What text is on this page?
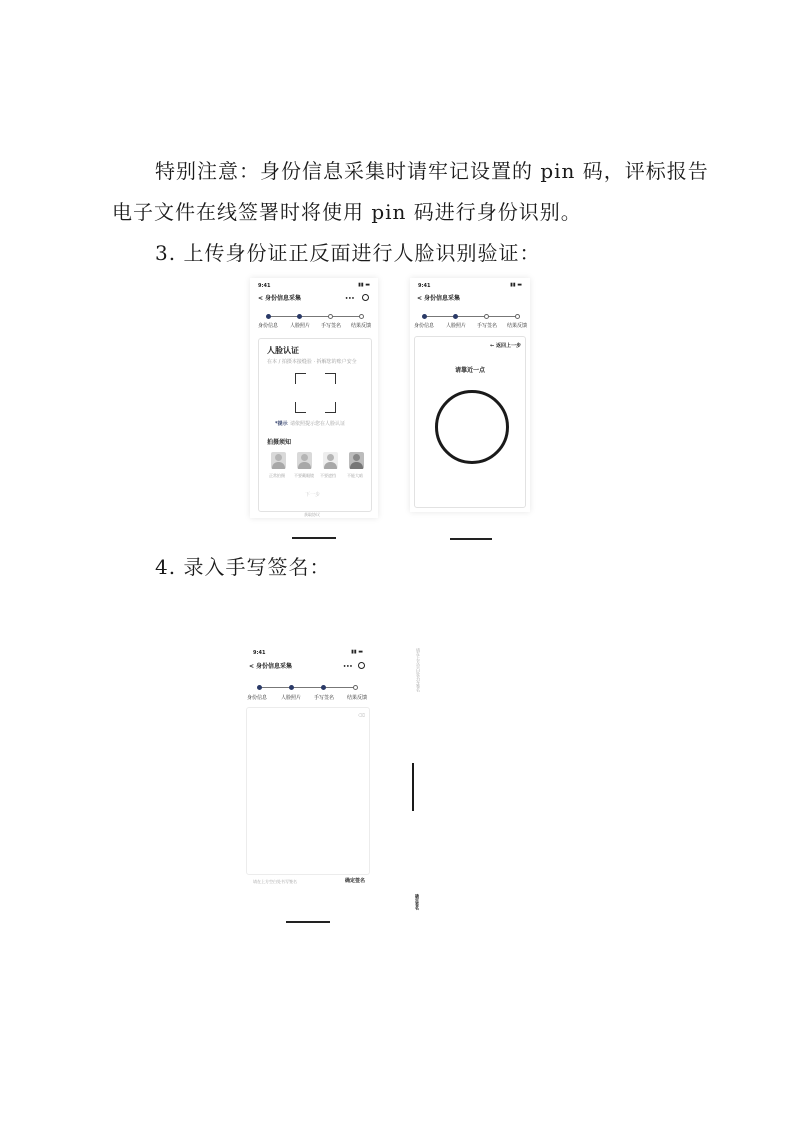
特别注意：身份信息采集时请牢记设置的 pin 码，评标报告

电子文件在线签署时将使用 pin 码进行身份识别。

3. 上传身份证正反面进行人脸识别验证：

9:41	▮▮ ▬
< 身份信息采集	•••
身份信息 人脸照片 手写签名 结果反馈
人脸认证
在本 / 拍摄本接缝验 · 拆解您的账户安全
*提示 请依照提示您在人脸认证
拍摄须知
正常拍摄 不要戴眼镜 不要遮挡	不能大暗
下一步
获取协议
9:41	▮▮ ▬
< 身份信息采集
身份信息 人脸照片 手写签名 结果反馈
← 返回上一步
请靠近一点

4. 录入手写签名：

9:41	▮▮ ▬
< 身份信息采集	•••
身份信息	人脸照片	手写签名	结果反馈
⌫
请在上方空白处书写签名	确定签名
请在上方空白处书写签名
确定签名
